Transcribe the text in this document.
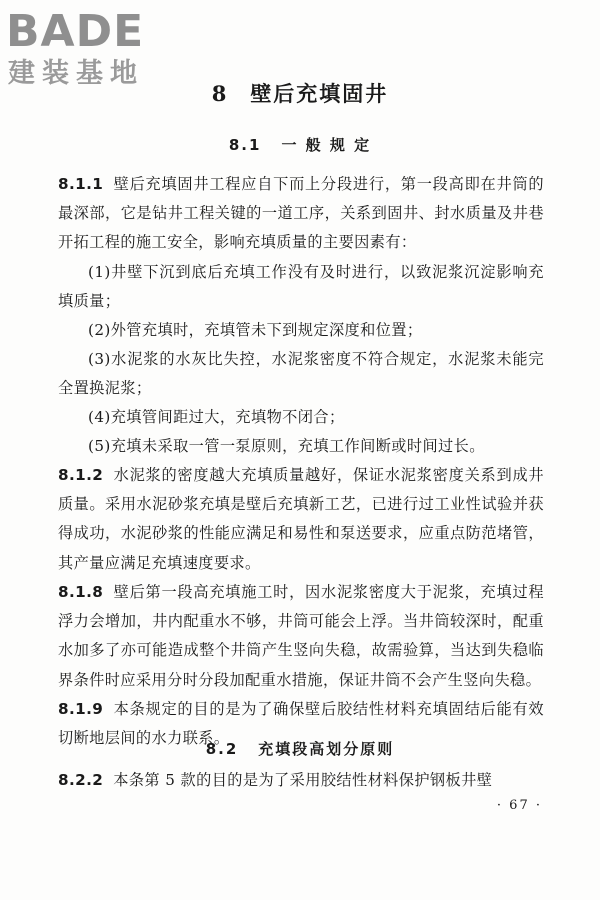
BADE
建装基地
8 壁后充填固井
8.1 一 般 规 定

8.1.1 壁后充填固井工程应自下而上分段进行，第一段高即在井筒的最深部，它是钻井工程关键的一道工序，关系到固井、封水质量及井巷开拓工程的施工安全，影响充填质量的主要因素有：

(1)井壁下沉到底后充填工作没有及时进行，以致泥浆沉淀影响充填质量；

(2)外管充填时，充填管未下到规定深度和位置；

(3)水泥浆的水灰比失控，水泥浆密度不符合规定，水泥浆未能完全置换泥浆；

(4)充填管间距过大，充填物不闭合；

(5)充填未采取一管一泵原则，充填工作间断或时间过长。

8.1.2 水泥浆的密度越大充填质量越好，保证水泥浆密度关系到成井质量。采用水泥砂浆充填是壁后充填新工艺，已进行过工业性试验并获得成功，水泥砂浆的性能应满足和易性和泵送要求，应重点防范堵管，其产量应满足充填速度要求。

8.1.8 壁后第一段高充填施工时，因水泥浆密度大于泥浆，充填过程浮力会增加，井内配重水不够，井筒可能会上浮。当井筒较深时，配重水加多了亦可能造成整个井筒产生竖向失稳，故需验算，当达到失稳临界条件时应采用分时分段加配重水措施，保证井筒不会产生竖向失稳。

8.1.9 本条规定的目的是为了确保壁后胶结性材料充填固结后能有效切断地层间的水力联系。

8.2 充填段高划分原则

8.2.2 本条第 5 款的目的是为了采用胶结性材料保护钢板井壁

· 67 ·
